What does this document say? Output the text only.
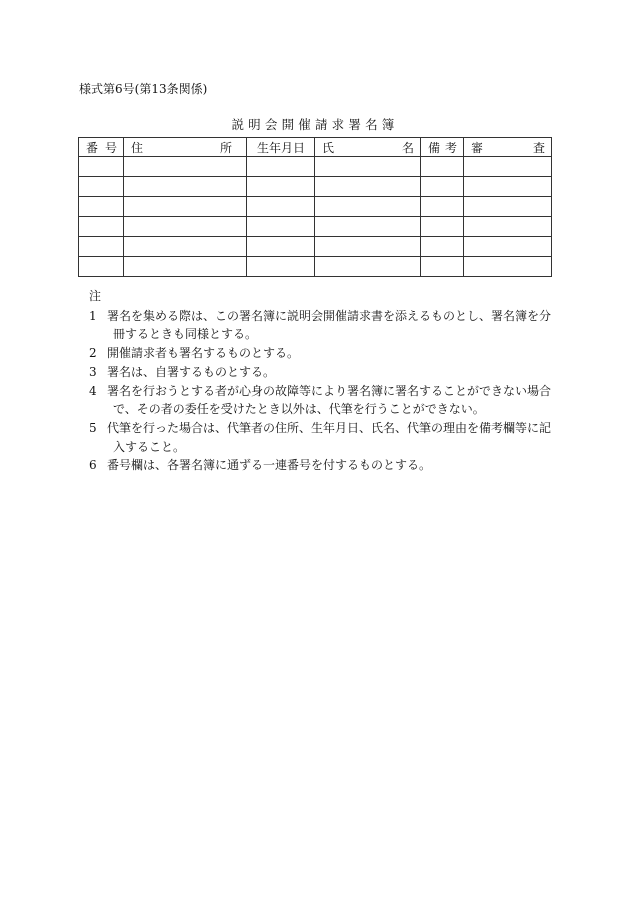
様式第6号(第13条関係)
説明会開催請求署名簿
番 号	住 所	生年月日	氏 名	備 考	審 査

注
1 署名を集める際は、この署名簿に説明会開催請求書を添えるものとし、署名簿を分
冊するときも同様とする。
2 開催請求者も署名するものとする。
3 署名は、自署するものとする。
4 署名を行おうとする者が心身の故障等により署名簿に署名することができない場合
で、その者の委任を受けたとき以外は、代筆を行うことができない。
5 代筆を行った場合は、代筆者の住所、生年月日、氏名、代筆の理由を備考欄等に記
入すること。
6 番号欄は、各署名簿に通ずる一連番号を付するものとする。
